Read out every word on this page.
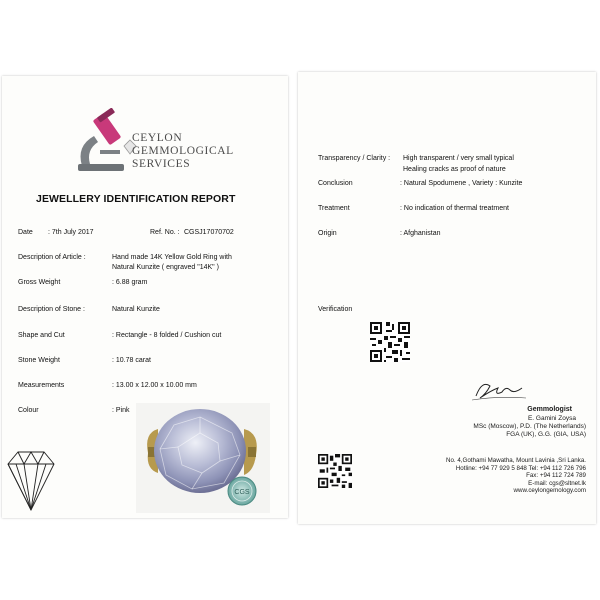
CEYLON
GEMMOLOGICAL
SERVICES
JEWELLERY IDENTIFICATION REPORT
Date : 7th July 2017	Ref. No. : CGSJ17070702
Description of Article :	Hand made 14K Yellow Gold Ring with
Natural Kunzite ( engraved "14K" )
Gross Weight	: 6.88 gram
Description of Stone :	Natural Kunzite
Shape and Cut	: Rectangle - 8 folded / Cushion cut
Stone Weight	: 10.78 carat
Measurements	: 13.00 x 12.00 x 10.00 mm
Colour	: Pink
CGS
Transparency / Clarity : High transparent / very small typical
Healing cracks as proof of nature
Conclusion	: Natural Spodumene , Variety : Kunzite
Treatment	: No indication of thermal treatment
Origin	: Afghanistan
Verification
Gemmologist
E. Gamini Zoysa
MSc (Moscow), P.D. (The Netherlands)
FGA (UK), G.G. (GIA, USA)
No. 4,Gothami Mawatha, Mount Lavinia ,Sri Lanka.
Hotline: +94 77 929 5 848 Tel: +94 112 726 796
Fax: +94 112 724 789
E-mail: cgs@sltnet.lk
www.ceylongemology.com
